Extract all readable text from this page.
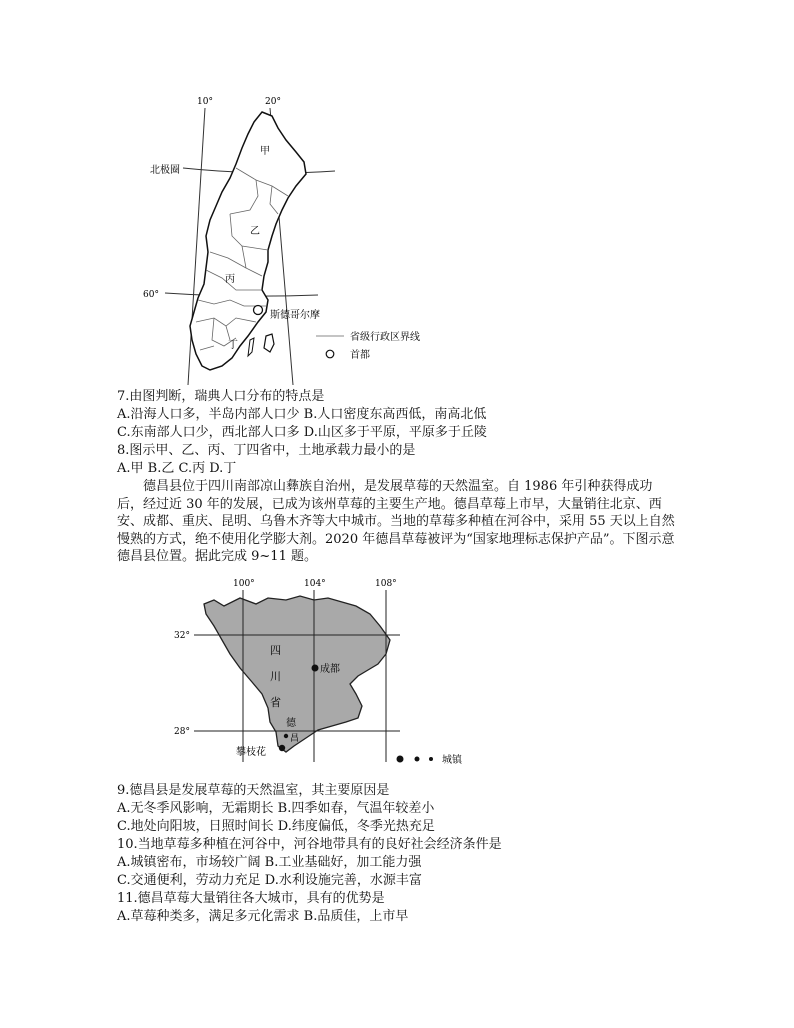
10°	20°
北极圈
60°
甲
乙
丙
丁
斯德哥尔摩
省级行政区界线
首都
7.由图判断，瑞典人口分布的特点是
A.沿海人口多，半岛内部人口少 B.人口密度东高西低，南高北低
C.东南部人口少，西北部人口多 D.山区多于平原，平原多于丘陵
8.图示甲、乙、丙、丁四省中，土地承载力最小的是
A.甲 B.乙 C.丙 D.丁
德昌县位于四川南部凉山彝族自治州，是发展草莓的天然温室。自 1986 年引种获得成功后，经过近 30 年的发展，已成为该州草莓的主要生产地。德昌草莓上市早，大量销往北京、西安、成都、重庆、昆明、乌鲁木齐等大中城市。当地的草莓多种植在河谷中，采用 55 天以上自然慢熟的方式，绝不使用化学膨大剂。2020 年德昌草莓被评为“国家地理标志保护产品”。下图示意德昌县位置。据此完成 9~11 题。
100°	104°	108°
32°
28°
四
川
省
成都
德
昌
攀枝花
城镇
9.德昌县是发展草莓的天然温室，其主要原因是
A.无冬季风影响，无霜期长 B.四季如春，气温年较差小
C.地处向阳坡，日照时间长 D.纬度偏低，冬季光热充足
10.当地草莓多种植在河谷中，河谷地带具有的良好社会经济条件是
A.城镇密布，市场较广阔 B.工业基础好，加工能力强
C.交通便利，劳动力充足 D.水利设施完善，水源丰富
11.德昌草莓大量销往各大城市，具有的优势是
A.草莓种类多，满足多元化需求 B.品质佳，上市早
